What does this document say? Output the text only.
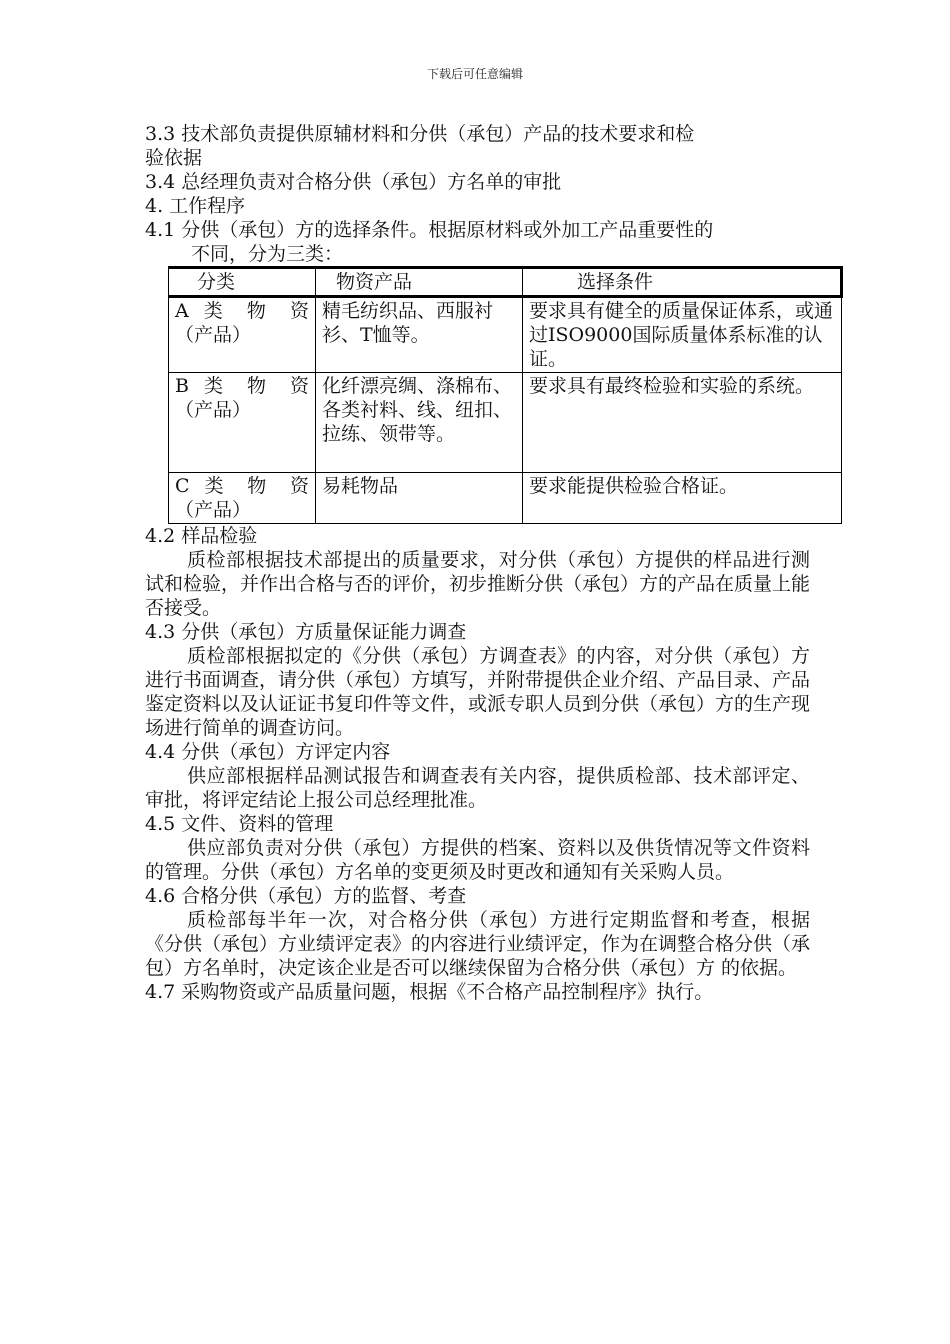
下载后可任意编辑

3.3 技术部负责提供原辅材料和分供（承包）产品的技术要求和检

验依据

3.4 总经理负责对合格分供（承包）方名单的审批

4. 工作程序

4.1 分供（承包）方的选择条件。根据原材料或外加工产品重要性的

不同，分为三类：

分类	物资产品	选择条件

A 类 物 资
（产品）	精毛纺织品、西服衬衫、T恤等。	要求具有健全的质量保证体系，或通过ISO9000国际质量体系标准的认证。

B 类 物 资
（产品）	化纤漂亮绸、涤棉布、各类衬料、线、纽扣、拉练、领带等。	要求具有最终检验和实验的系统。

C 类 物 资
（产品）	易耗物品	要求能提供检验合格证。

4.2 样品检验

质检部根据技术部提出的质量要求，对分供（承包）方提供的样品进行测试和检验，并作出合格与否的评价，初步推断分供（承包）方的产品在质量上能否接受。

4.3 分供（承包）方质量保证能力调查

质检部根据拟定的《分供（承包）方调查表》的内容，对分供（承包）方进行书面调查，请分供（承包）方填写，并附带提供企业介绍、产品目录、产品鉴定资料以及认证证书复印件等文件，或派专职人员到分供（承包）方的生产现场进行简单的调查访问。

4.4 分供（承包）方评定内容

供应部根据样品测试报告和调查表有关内容，提供质检部、技术部评定、审批，将评定结论上报公司总经理批准。

4.5 文件、资料的管理

供应部负责对分供（承包）方提供的档案、资料以及供货情况等文件资料的管理。分供（承包）方名单的变更须及时更改和通知有关采购人员。

4.6 合格分供（承包）方的监督、考查

质检部每半年一次，对合格分供（承包）方进行定期监督和考查，根据《分供（承包）方业绩评定表》的内容进行业绩评定，作为在调整合格分供（承包）方名单时，决定该企业是否可以继续保留为合格分供（承包）方 的依据。

4.7 采购物资或产品质量问题，根据《不合格产品控制程序》执行。
